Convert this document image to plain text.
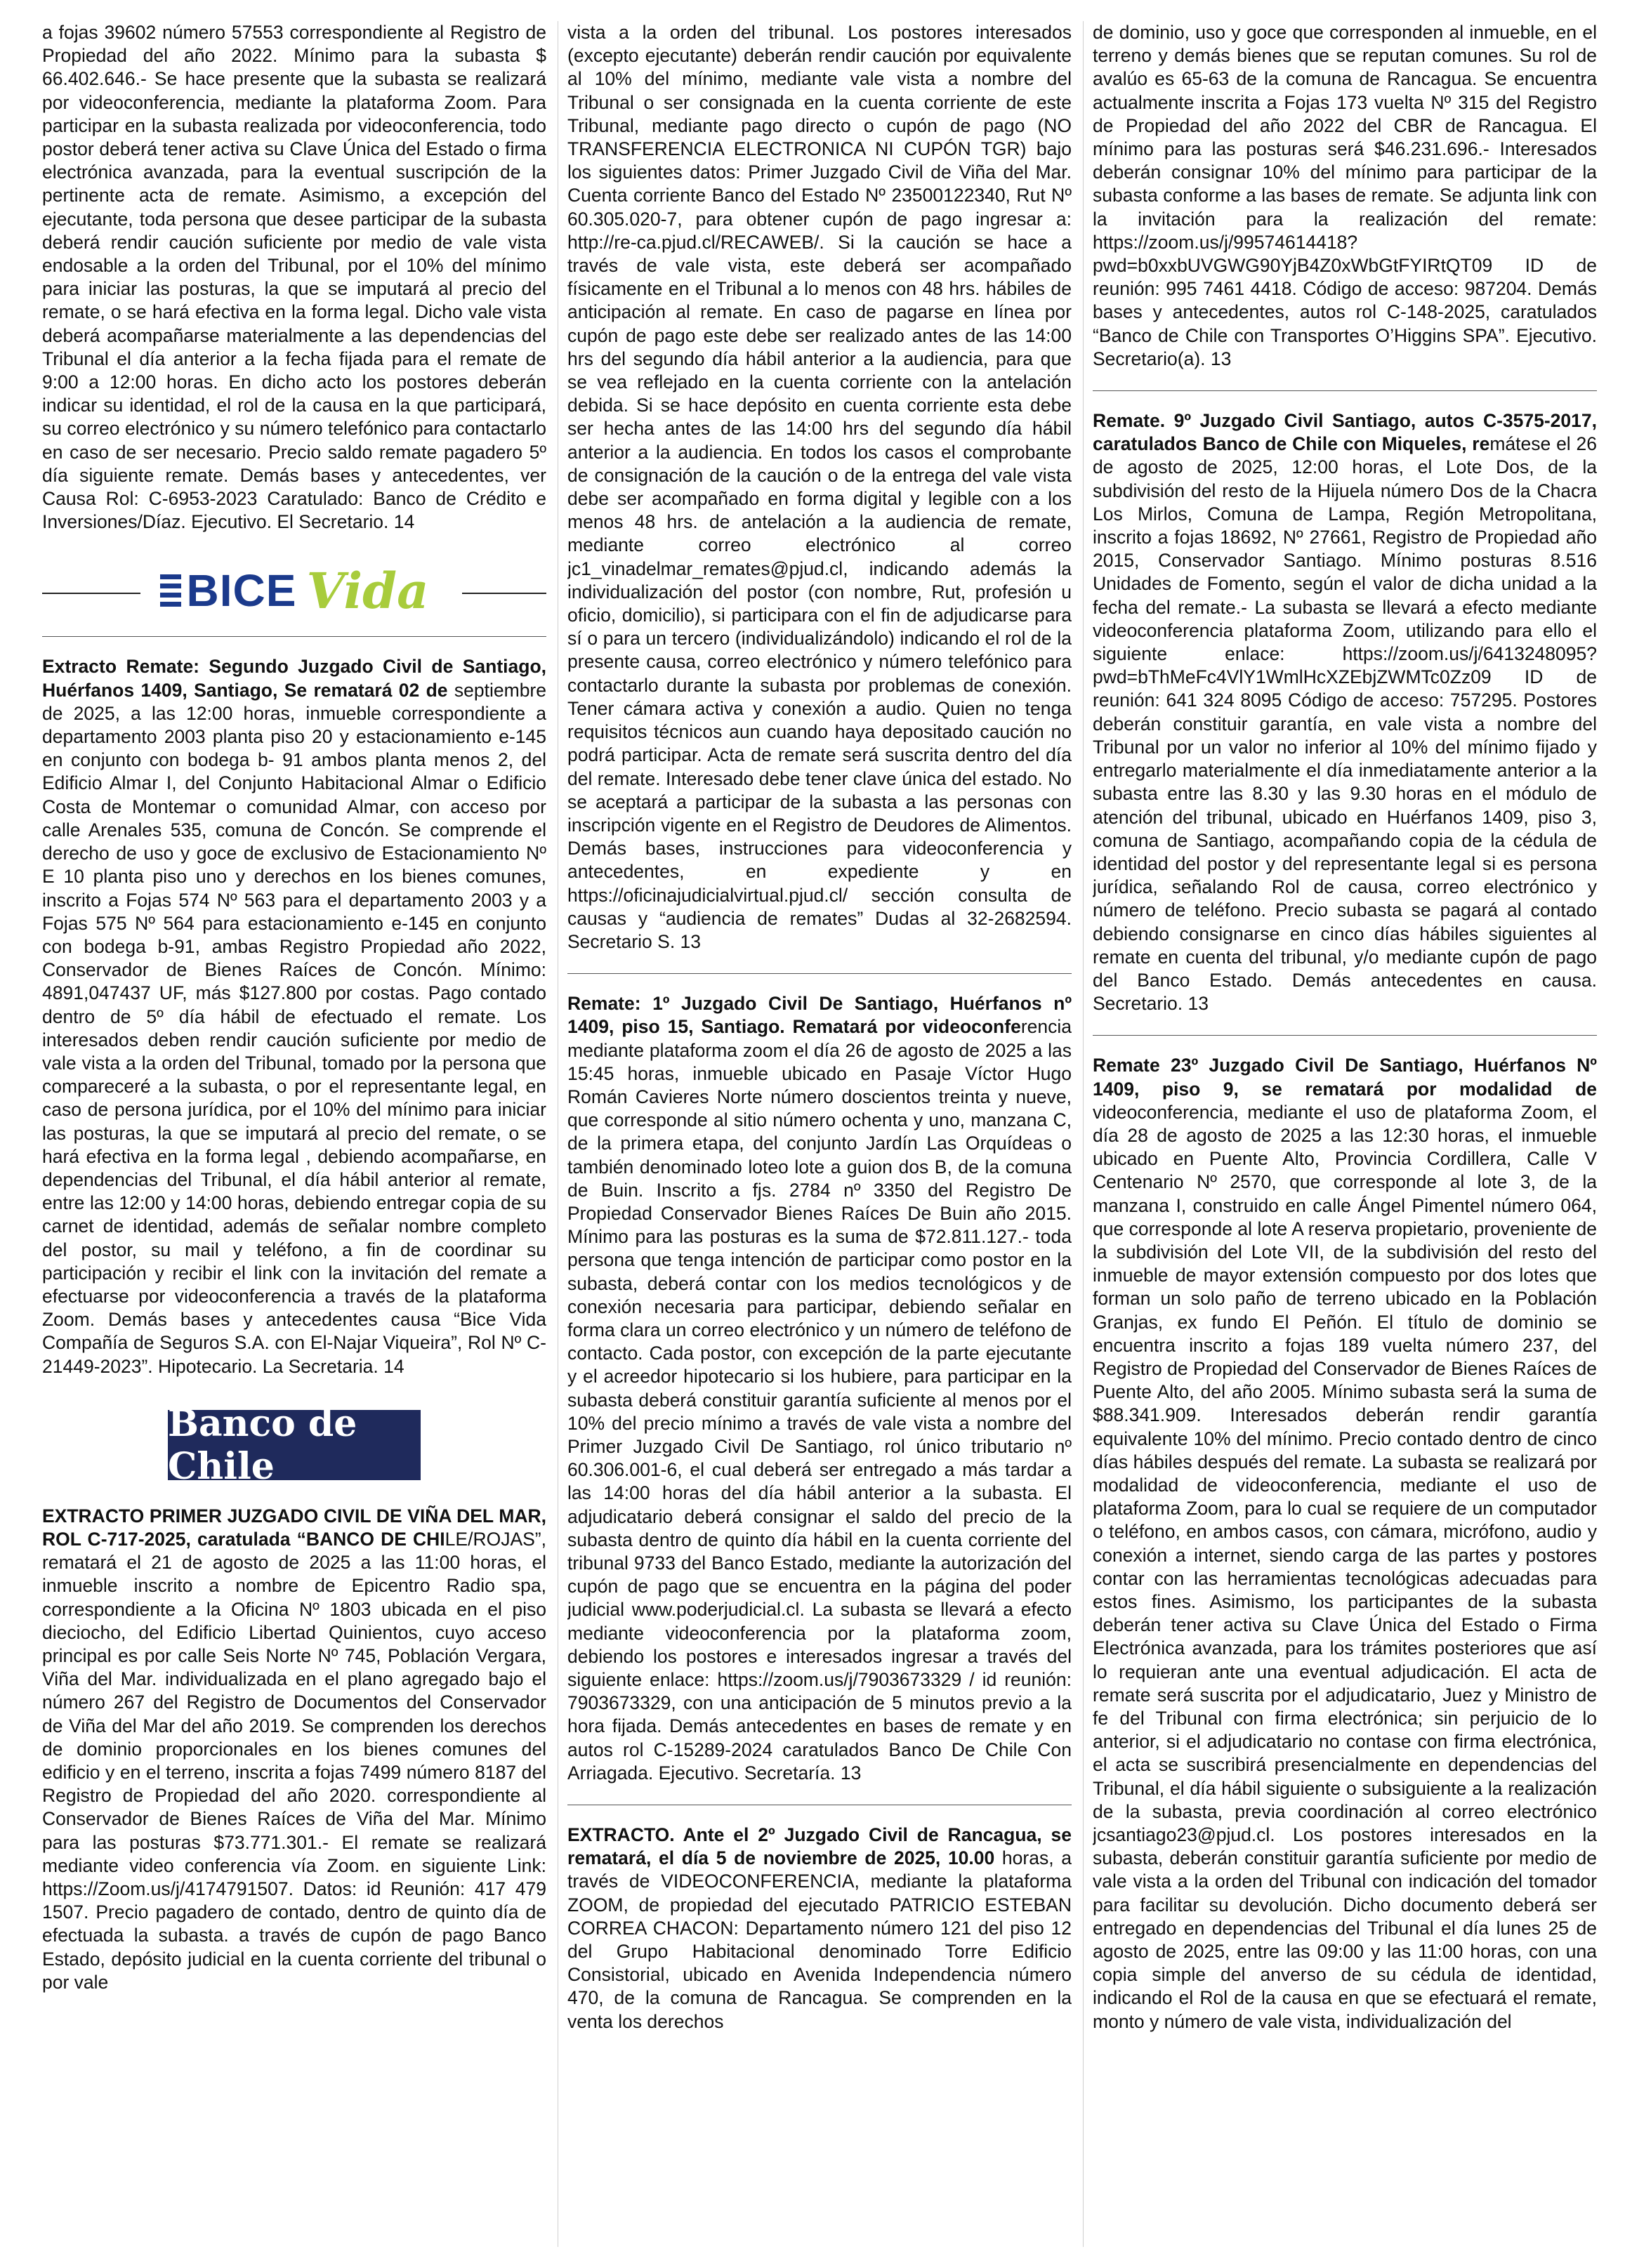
a fojas 39602 número 57553 correspondiente al Registro de Propiedad del año 2022. Mínimo para la subasta $ 66.402.646.- Se hace presente que la subasta se realizará por videoconferencia, mediante la plataforma Zoom. Para participar en la subasta realizada por videoconferencia, todo postor deberá tener activa su Clave Única del Estado o firma electrónica avanzada, para la eventual suscripción de la pertinente acta de remate. Asimismo, a excepción del ejecutante, toda persona que desee participar de la subasta deberá rendir caución suficiente por medio de vale vista endosable a la orden del Tribunal, por el 10% del mínimo para iniciar las posturas, la que se imputará al precio del remate, o se hará efectiva en la forma legal. Dicho vale vista deberá acompañarse materialmente a las dependencias del Tribunal el día anterior a la fecha fijada para el remate de 9:00 a 12:00 horas. En dicho acto los postores deberán indicar su identidad, el rol de la causa en la que participará, su correo electrónico y su número telefónico para contactarlo en caso de ser necesario. Precio saldo remate pagadero 5º día siguiente remate. Demás bases y antecedentes, ver Causa Rol: C-6953-2023 Caratulado: Banco de Crédito e Inversiones/Díaz. Ejecutivo. El Secretario. 14

BICE Vida

Extracto Remate: Segundo Juzgado Civil de Santiago, Huérfanos 1409, Santiago, Se rematará 02 de septiembre de 2025, a las 12:00 horas, inmueble correspondiente a departamento 2003 planta piso 20 y estacionamiento e-145 en conjunto con bodega b- 91 ambos planta menos 2, del Edificio Almar I, del Conjunto Habitacional Almar o Edificio Costa de Montemar o comunidad Almar, con acceso por calle Arenales 535, comuna de Concón. Se comprende el derecho de uso y goce de exclusivo de Estacionamiento Nº E 10 planta piso uno y derechos en los bienes comunes, inscrito a Fojas 574 Nº 563 para el departamento 2003 y a Fojas 575 Nº 564 para estacionamiento e-145 en conjunto con bodega b-91, ambas Registro Propiedad año 2022, Conservador de Bienes Raíces de Concón. Mínimo: 4891,047437 UF, más $127.800 por costas. Pago contado dentro de 5º día hábil de efectuado el remate. Los interesados deben rendir caución suficiente por medio de vale vista a la orden del Tribunal, tomado por la persona que compareceré a la subasta, o por el representante legal, en caso de persona jurídica, por el 10% del mínimo para iniciar las posturas, la que se imputará al precio del remate, o se hará efectiva en la forma legal , debiendo acompañarse, en dependencias del Tribunal, el día hábil anterior al remate, entre las 12:00 y 14:00 horas, debiendo entregar copia de su carnet de identidad, además de señalar nombre completo del postor, su mail y teléfono, a fin de coordinar su participación y recibir el link con la invitación del remate a efectuarse por videoconferencia a través de la plataforma Zoom. Demás bases y antecedentes causa “Bice Vida Compañía de Seguros S.A. con El-Najar Viqueira”, Rol Nº C-21449-2023”. Hipotecario. La Secretaria. 14

Banco de Chile

EXTRACTO PRIMER JUZGADO CIVIL DE VIÑA DEL MAR, ROL C-717-2025, caratulada “BANCO DE CHILE/ROJAS”, rematará el 21 de agosto de 2025 a las 11:00 horas, el inmueble inscrito a nombre de Epicentro Radio spa, correspondiente a la Oficina Nº 1803 ubicada en el piso dieciocho, del Edificio Libertad Quinientos, cuyo acceso principal es por calle Seis Norte Nº 745, Población Vergara, Viña del Mar. individualizada en el plano agregado bajo el número 267 del Registro de Documentos del Conservador de Viña del Mar del año 2019. Se comprenden los derechos de dominio proporcionales en los bienes comunes del edificio y en el terreno, inscrita a fojas 7499 número 8187 del Registro de Propiedad del año 2020. correspondiente al Conservador de Bienes Raíces de Viña del Mar. Mínimo para las posturas $73.771.301.- El remate se realizará mediante video conferencia vía Zoom. en siguiente Link: https://Zoom.us/j/4174791507. Datos: id Reunión: 417 479 1507. Precio pagadero de contado, dentro de quinto día de efectuada la subasta. a través de cupón de pago Banco Estado, depósito judicial en la cuenta corriente del tribunal o por vale

vista a la orden del tribunal. Los postores interesados (excepto ejecutante) deberán rendir caución por equivalente al 10% del mínimo, mediante vale vista a nombre del Tribunal o ser consignada en la cuenta corriente de este Tribunal, mediante pago directo o cupón de pago (NO TRANSFERENCIA ELECTRONICA NI CUPÓN TGR) bajo los siguientes datos: Primer Juzgado Civil de Viña del Mar. Cuenta corriente Banco del Estado Nº 23500122340, Rut Nº 60.305.020-7, para obtener cupón de pago ingresar a: http://re-ca.pjud.cl/RECAWEB/. Si la caución se hace a través de vale vista, este deberá ser acompañado físicamente en el Tribunal a lo menos con 48 hrs. hábiles de anticipación al remate. En caso de pagarse en línea por cupón de pago este debe ser realizado antes de las 14:00 hrs del segundo día hábil anterior a la audiencia, para que se vea reflejado en la cuenta corriente con la antelación debida. Si se hace depósito en cuenta corriente esta debe ser hecha antes de las 14:00 hrs del segundo día hábil anterior a la audiencia. En todos los casos el comprobante de consignación de la caución o de la entrega del vale vista debe ser acompañado en forma digital y legible con a los menos 48 hrs. de antelación a la audiencia de remate, mediante correo electrónico al correo jc1_vinadelmar_remates@pjud.cl, indicando además la individualización del postor (con nombre, Rut, profesión u oficio, domicilio), si participara con el fin de adjudicarse para sí o para un tercero (individualizándolo) indicando el rol de la presente causa, correo electrónico y número telefónico para contactarlo durante la subasta por problemas de conexión. Tener cámara activa y conexión a audio. Quien no tenga requisitos técnicos aun cuando haya depositado caución no podrá participar. Acta de remate será suscrita dentro del día del remate. Interesado debe tener clave única del estado. No se aceptará a participar de la subasta a las personas con inscripción vigente en el Registro de Deudores de Alimentos. Demás bases, instrucciones para videoconferencia y antecedentes, en expediente y en https://oficinajudicialvirtual.pjud.cl/ sección consulta de causas y “audiencia de remates” Dudas al 32-2682594. Secretario S. 13

Remate: 1º Juzgado Civil De Santiago, Huérfanos nº 1409, piso 15, Santiago. Rematará por videoconferencia mediante plataforma zoom el día 26 de agosto de 2025 a las 15:45 horas, inmueble ubicado en Pasaje Víctor Hugo Román Cavieres Norte número doscientos treinta y nueve, que corresponde al sitio número ochenta y uno, manzana C, de la primera etapa, del conjunto Jardín Las Orquídeas o también denominado loteo lote a guion dos B, de la comuna de Buin. Inscrito a fjs. 2784 nº 3350 del Registro De Propiedad Conservador Bienes Raíces De Buin año 2015. Mínimo para las posturas es la suma de $72.811.127.- toda persona que tenga intención de participar como postor en la subasta, deberá contar con los medios tecnológicos y de conexión necesaria para participar, debiendo señalar en forma clara un correo electrónico y un número de teléfono de contacto. Cada postor, con excepción de la parte ejecutante y el acreedor hipotecario si los hubiere, para participar en la subasta deberá constituir garantía suficiente al menos por el 10% del precio mínimo a través de vale vista a nombre del Primer Juzgado Civil De Santiago, rol único tributario nº 60.306.001-6, el cual deberá ser entregado a más tardar a las 14:00 horas del día hábil anterior a la subasta. El adjudicatario deberá consignar el saldo del precio de la subasta dentro de quinto día hábil en la cuenta corriente del tribunal 9733 del Banco Estado, mediante la autorización del cupón de pago que se encuentra en la página del poder judicial www.poderjudicial.cl. La subasta se llevará a efecto mediante videoconferencia por la plataforma zoom, debiendo los postores e interesados ingresar a través del siguiente enlace: https://zoom.us/j/7903673329 / id reunión: 7903673329, con una anticipación de 5 minutos previo a la hora fijada. Demás antecedentes en bases de remate y en autos rol C-15289-2024 caratulados Banco De Chile Con Arriagada. Ejecutivo. Secretaría. 13

EXTRACTO. Ante el 2º Juzgado Civil de Rancagua, se rematará, el día 5 de noviembre de 2025, 10.00 horas, a través de VIDEOCONFERENCIA, mediante la plataforma ZOOM, de propiedad del ejecutado PATRICIO ESTEBAN CORREA CHACON: Departamento número 121 del piso 12 del Grupo Habitacional denominado Torre Edificio Consistorial, ubicado en Avenida Independencia número 470, de la comuna de Rancagua. Se comprenden en la venta los derechos

de dominio, uso y goce que corresponden al inmueble, en el terreno y demás bienes que se reputan comunes. Su rol de avalúo es 65-63 de la comuna de Rancagua. Se encuentra actualmente inscrita a Fojas 173 vuelta Nº 315 del Registro de Propiedad del año 2022 del CBR de Rancagua. El mínimo para las posturas será $46.231.696.- Interesados deberán consignar 10% del mínimo para participar de la subasta conforme a las bases de remate. Se adjunta link con la invitación para la realización del remate: https://zoom.us/j/99574614418?pwd=b0xxbUVGWG90YjB4Z0xWbGtFYIRtQT09 ID de reunión: 995 7461 4418. Código de acceso: 987204. Demás bases y antecedentes, autos rol C-148-2025, caratulados “Banco de Chile con Transportes O’Higgins SPA”. Ejecutivo. Secretario(a). 13

Remate. 9º Juzgado Civil Santiago, autos C-3575-2017, caratulados Banco de Chile con Miqueles, remátese el 26 de agosto de 2025, 12:00 horas, el Lote Dos, de la subdivisión del resto de la Hijuela número Dos de la Chacra Los Mirlos, Comuna de Lampa, Región Metropolitana, inscrito a fojas 18692, Nº 27661, Registro de Propiedad año 2015, Conservador Santiago. Mínimo posturas 8.516 Unidades de Fomento, según el valor de dicha unidad a la fecha del remate.- La subasta se llevará a efecto mediante videoconferencia plataforma Zoom, utilizando para ello el siguiente enlace: https://zoom.us/j/6413248095?pwd=bThMeFc4VlY1WmlHcXZEbjZWMTc0Zz09 ID de reunión: 641 324 8095 Código de acceso: 757295. Postores deberán constituir garantía, en vale vista a nombre del Tribunal por un valor no inferior al 10% del mínimo fijado y entregarlo materialmente el día inmediatamente anterior a la subasta entre las 8.30 y las 9.30 horas en el módulo de atención del tribunal, ubicado en Huérfanos 1409, piso 3, comuna de Santiago, acompañando copia de la cédula de identidad del postor y del representante legal si es persona jurídica, señalando Rol de causa, correo electrónico y número de teléfono. Precio subasta se pagará al contado debiendo consignarse en cinco días hábiles siguientes al remate en cuenta del tribunal, y/o mediante cupón de pago del Banco Estado. Demás antecedentes en causa. Secretario. 13

Remate 23º Juzgado Civil De Santiago, Huérfanos Nº 1409, piso 9, se rematará por modalidad de videoconferencia, mediante el uso de plataforma Zoom, el día 28 de agosto de 2025 a las 12:30 horas, el inmueble ubicado en Puente Alto, Provincia Cordillera, Calle V Centenario Nº 2570, que corresponde al lote 3, de la manzana I, construido en calle Ángel Pimentel número 064, que corresponde al lote A reserva propietario, proveniente de la subdivisión del Lote VII, de la subdivisión del resto del inmueble de mayor extensión compuesto por dos lotes que forman un solo paño de terreno ubicado en la Población Granjas, ex fundo El Peñón. El título de dominio se encuentra inscrito a fojas 189 vuelta número 237, del Registro de Propiedad del Conservador de Bienes Raíces de Puente Alto, del año 2005. Mínimo subasta será la suma de $88.341.909. Interesados deberán rendir garantía equivalente 10% del mínimo. Precio contado dentro de cinco días hábiles después del remate. La subasta se realizará por modalidad de videoconferencia, mediante el uso de plataforma Zoom, para lo cual se requiere de un computador o teléfono, en ambos casos, con cámara, micrófono, audio y conexión a internet, siendo carga de las partes y postores contar con las herramientas tecnológicas adecuadas para estos fines. Asimismo, los participantes de la subasta deberán tener activa su Clave Única del Estado o Firma Electrónica avanzada, para los trámites posteriores que así lo requieran ante una eventual adjudicación. El acta de remate será suscrita por el adjudicatario, Juez y Ministro de fe del Tribunal con firma electrónica; sin perjuicio de lo anterior, si el adjudicatario no contase con firma electrónica, el acta se suscribirá presencialmente en dependencias del Tribunal, el día hábil siguiente o subsiguiente a la realización de la subasta, previa coordinación al correo electrónico jcsantiago23@pjud.cl. Los postores interesados en la subasta, deberán constituir garantía suficiente por medio de vale vista a la orden del Tribunal con indicación del tomador para facilitar su devolución. Dicho documento deberá ser entregado en dependencias del Tribunal el día lunes 25 de agosto de 2025, entre las 09:00 y las 11:00 horas, con una copia simple del anverso de su cédula de identidad, indicando el Rol de la causa en que se efectuará el remate, monto y número de vale vista, individualización del
